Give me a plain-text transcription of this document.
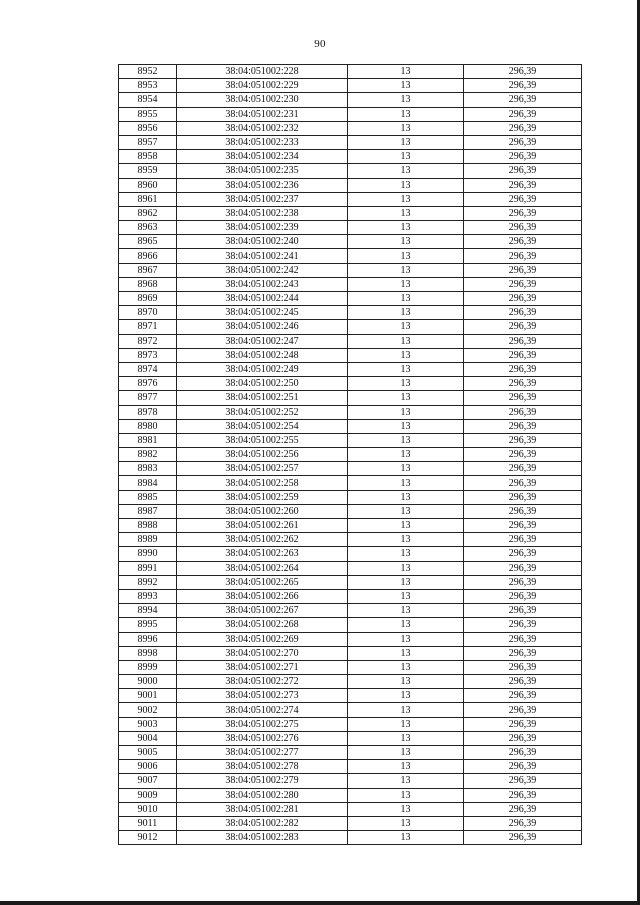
90
8952	38:04:051002:228	13	296,39
8953	38:04:051002:229	13	296,39
8954	38:04:051002:230	13	296,39
8955	38:04:051002:231	13	296,39
8956	38:04:051002:232	13	296,39
8957	38:04:051002:233	13	296,39
8958	38:04:051002:234	13	296,39
8959	38:04:051002:235	13	296,39
8960	38:04:051002:236	13	296,39
8961	38:04:051002:237	13	296,39
8962	38:04:051002:238	13	296,39
8963	38:04:051002:239	13	296,39
8965	38:04:051002:240	13	296,39
8966	38:04:051002:241	13	296,39
8967	38:04:051002:242	13	296,39
8968	38:04:051002:243	13	296,39
8969	38:04:051002:244	13	296,39
8970	38:04:051002:245	13	296,39
8971	38:04:051002:246	13	296,39
8972	38:04:051002:247	13	296,39
8973	38:04:051002:248	13	296,39
8974	38:04:051002:249	13	296,39
8976	38:04:051002:250	13	296,39
8977	38:04:051002:251	13	296,39
8978	38:04:051002:252	13	296,39
8980	38:04:051002:254	13	296,39
8981	38:04:051002:255	13	296,39
8982	38:04:051002:256	13	296,39
8983	38:04:051002:257	13	296,39
8984	38:04:051002:258	13	296,39
8985	38:04:051002:259	13	296,39
8987	38:04:051002:260	13	296,39
8988	38:04:051002:261	13	296,39
8989	38:04:051002:262	13	296,39
8990	38:04:051002:263	13	296,39
8991	38:04:051002:264	13	296,39
8992	38:04:051002:265	13	296,39
8993	38:04:051002:266	13	296,39
8994	38:04:051002:267	13	296,39
8995	38:04:051002:268	13	296,39
8996	38:04:051002:269	13	296,39
8998	38:04:051002:270	13	296,39
8999	38:04:051002:271	13	296,39
9000	38:04:051002:272	13	296,39
9001	38:04:051002:273	13	296,39
9002	38:04:051002:274	13	296,39
9003	38:04:051002:275	13	296,39
9004	38:04:051002:276	13	296,39
9005	38:04:051002:277	13	296,39
9006	38:04:051002:278	13	296,39
9007	38:04:051002:279	13	296,39
9009	38:04:051002:280	13	296,39
9010	38:04:051002:281	13	296,39
9011	38:04:051002:282	13	296,39
9012	38:04:051002:283	13	296,39
